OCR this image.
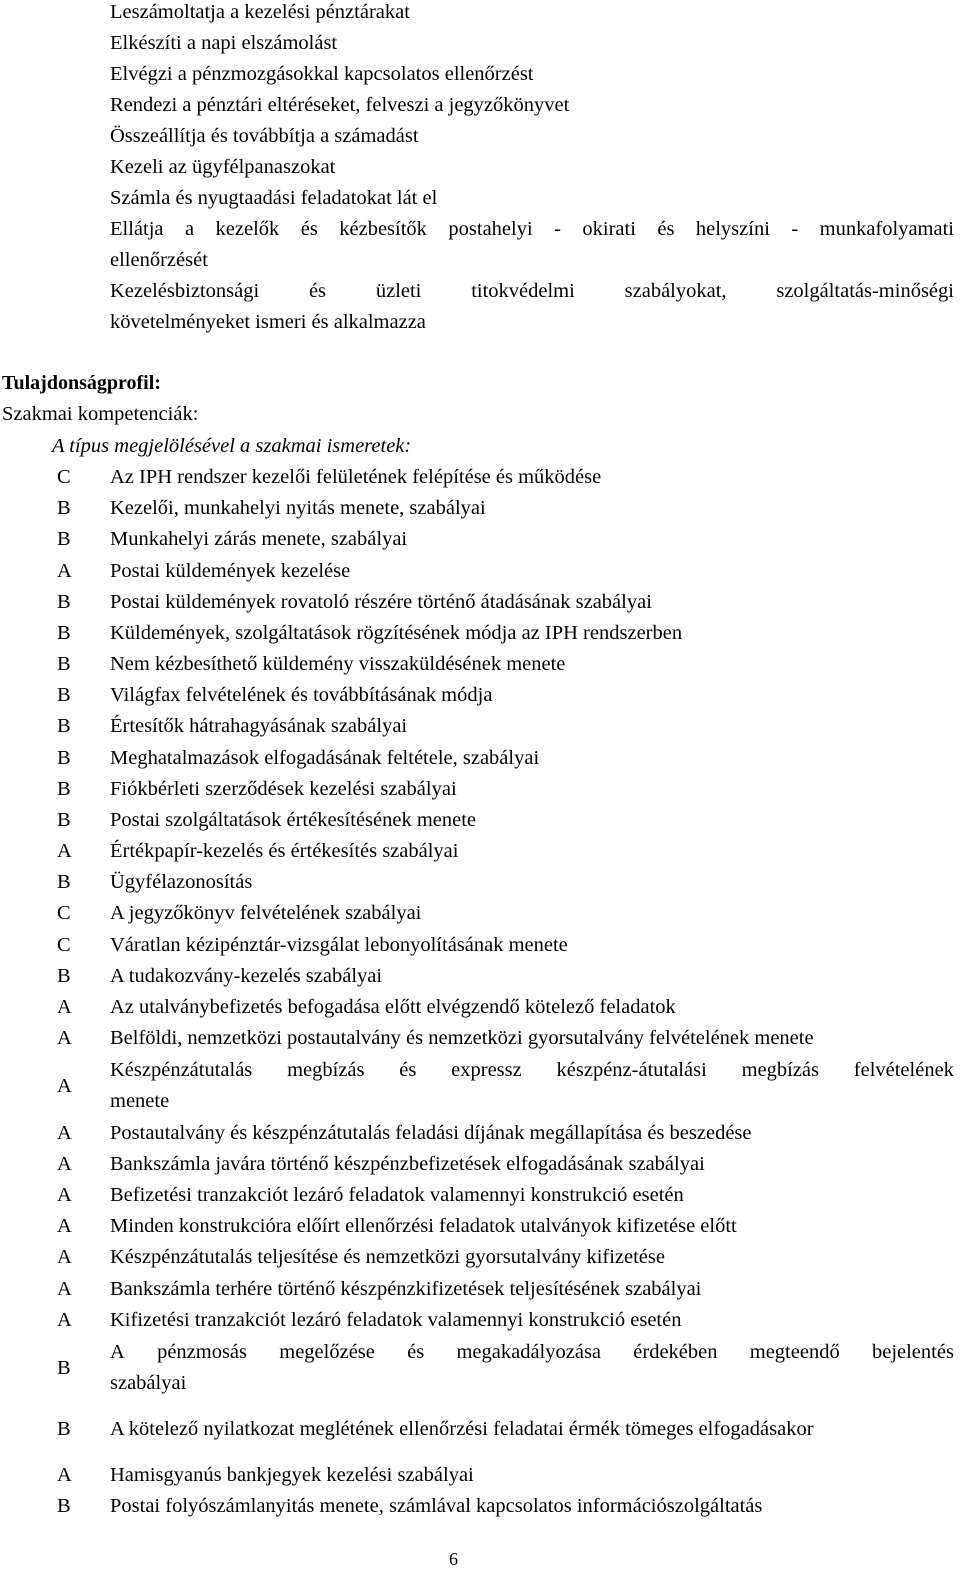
Leszámoltatja a kezelési pénztárakat
Elkészíti a napi elszámolást
Elvégzi a pénzmozgásokkal kapcsolatos ellenőrzést
Rendezi a pénztári eltéréseket, felveszi a jegyzőkönyvet
Összeállítja és továbbítja a számadást
Kezeli az ügyfélpanaszokat
Számla és nyugtaadási feladatokat lát el
Ellátja a kezelők és kézbesítők postahelyi - okirati és helyszíni - munkafolyamati
ellenőrzését
Kezelésbiztonsági és üzleti titokvédelmi szabályokat, szolgáltatás-minőségi
követelményeket ismeri és alkalmazza
Tulajdonságprofil:
Szakmai kompetenciák:
A típus megjelölésével a szakmai ismeretek:
C Az IPH rendszer kezelői felületének felépítése és működése
B Kezelői, munkahelyi nyitás menete, szabályai
B Munkahelyi zárás menete, szabályai
A Postai küldemények kezelése
B Postai küldemények rovatoló részére történő átadásának szabályai
B Küldemények, szolgáltatások rögzítésének módja az IPH rendszerben
B Nem kézbesíthető küldemény visszaküldésének menete
B Világfax felvételének és továbbításának módja
B Értesítők hátrahagyásának szabályai
B Meghatalmazások elfogadásának feltétele, szabályai
B Fiókbérleti szerződések kezelési szabályai
B Postai szolgáltatások értékesítésének menete
A Értékpapír-kezelés és értékesítés szabályai
B Ügyfélazonosítás
C A jegyzőkönyv felvételének szabályai
C Váratlan kézipénztár-vizsgálat lebonyolításának menete
B A tudakozvány-kezelés szabályai
A Az utalványbefizetés befogadása előtt elvégzendő kötelező feladatok
A Belföldi, nemzetközi postautalvány és nemzetközi gyorsutalvány felvételének menete
A
Készpénzátutalás megbízás és expressz készpénz-átutalási megbízás felvételének
menete
A Postautalvány és készpénzátutalás feladási díjának megállapítása és beszedése
A Bankszámla javára történő készpénzbefizetések elfogadásának szabályai
A Befizetési tranzakciót lezáró feladatok valamennyi konstrukció esetén
A Minden konstrukcióra előírt ellenőrzési feladatok utalványok kifizetése előtt
A Készpénzátutalás teljesítése és nemzetközi gyorsutalvány kifizetése
A Bankszámla terhére történő készpénzkifizetések teljesítésének szabályai
A Kifizetési tranzakciót lezáró feladatok valamennyi konstrukció esetén
B
A pénzmosás megelőzése és megakadályozása érdekében megteendő bejelentés
szabályai
B A kötelező nyilatkozat meglétének ellenőrzési feladatai érmék tömeges elfogadásakor
A Hamisgyanús bankjegyek kezelési szabályai
B Postai folyószámlanyitás menete, számlával kapcsolatos információszolgáltatás
6
